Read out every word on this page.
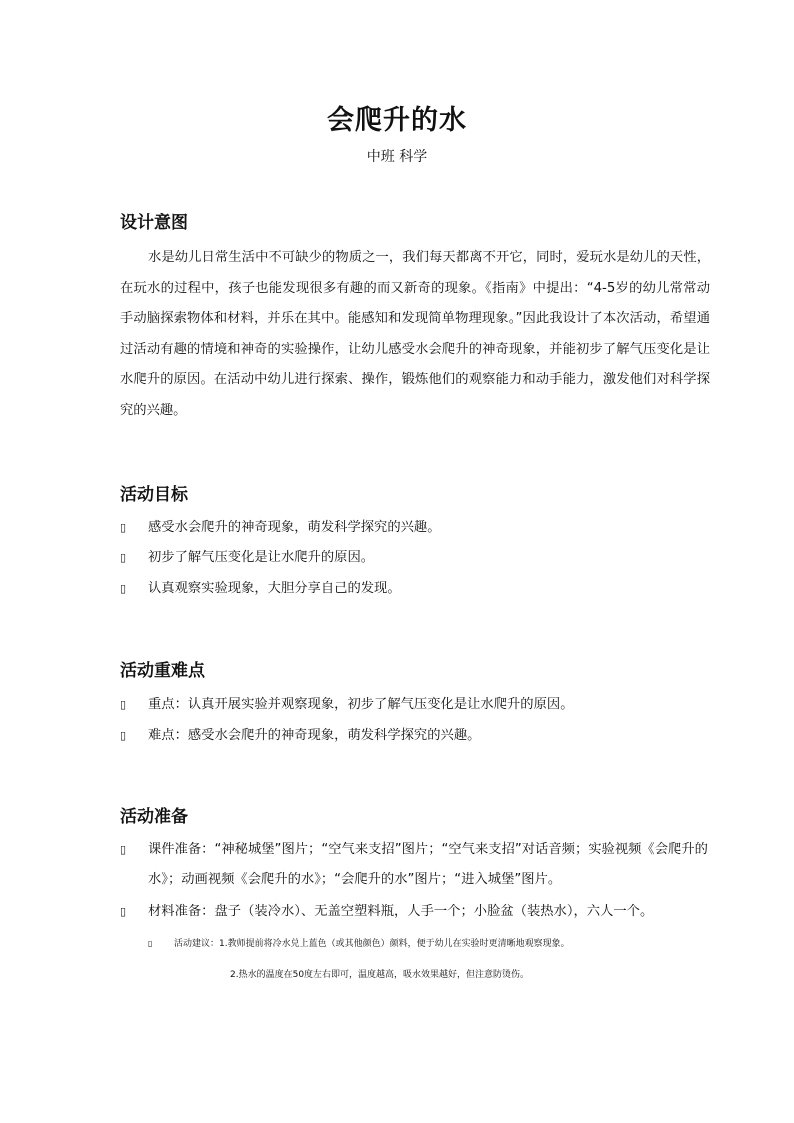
会爬升的水
中班 科学
设计意图

水是幼儿日常生活中不可缺少的物质之一，我们每天都离不开它，同时，爱玩水是幼儿的天性，在玩水的过程中，孩子也能发现很多有趣的而又新奇的现象。《指南》中提出：“4-5岁的幼儿常常动手动脑探索物体和材料，并乐在其中。能感知和发现简单物理现象。”因此我设计了本次活动，希望通过活动有趣的情境和神奇的实验操作，让幼儿感受水会爬升的神奇现象，并能初步了解气压变化是让水爬升的原因。在活动中幼儿进行探索、操作，锻炼他们的观察能力和动手能力，激发他们对科学探究的兴趣。

活动目标
▯ 感受水会爬升的神奇现象，萌发科学探究的兴趣。
▯ 初步了解气压变化是让水爬升的原因。
▯ 认真观察实验现象，大胆分享自己的发现。
活动重难点
▯ 重点：认真开展实验并观察现象，初步了解气压变化是让水爬升的原因。
▯ 难点：感受水会爬升的神奇现象，萌发科学探究的兴趣。
活动准备
▯ 课件准备：“神秘城堡”图片；“空气来支招”图片；“空气来支招”对话音频；实验视频《会爬升的水》；动画视频《会爬升的水》；“会爬升的水”图片；“进入城堡”图片。
▯ 材料准备：盘子（装冷水）、无盖空塑料瓶，人手一个；小脸盆（装热水），六人一个。
▯ 活动建议：1.教师提前将冷水兑上蓝色（或其他颜色）颜料，便于幼儿在实验时更清晰地观察现象。
2.热水的温度在50度左右即可，温度越高，吸水效果越好，但注意防烫伤。
